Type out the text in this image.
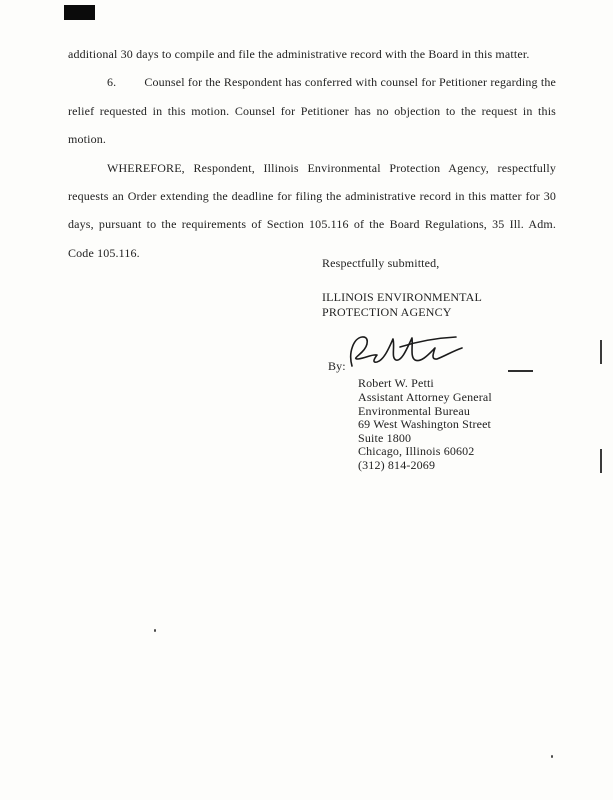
additional 30 days to compile and file the administrative record with the Board in this matter.

6. Counsel for the Respondent has conferred with counsel for Petitioner regarding the relief requested in this motion. Counsel for Petitioner has no objection to the request in this motion.

WHEREFORE, Respondent, Illinois Environmental Protection Agency, respectfully requests an Order extending the deadline for filing the administrative record in this matter for 30 days, pursuant to the requirements of Section 105.116 of the Board Regulations, 35 Ill. Adm. Code 105.116.

Respectfully submitted,
ILLINOIS ENVIRONMENTAL
PROTECTION AGENCY
By:
Robert W. Petti
Assistant Attorney General
Environmental Bureau
69 West Washington Street
Suite 1800
Chicago, Illinois 60602
(312) 814-2069
